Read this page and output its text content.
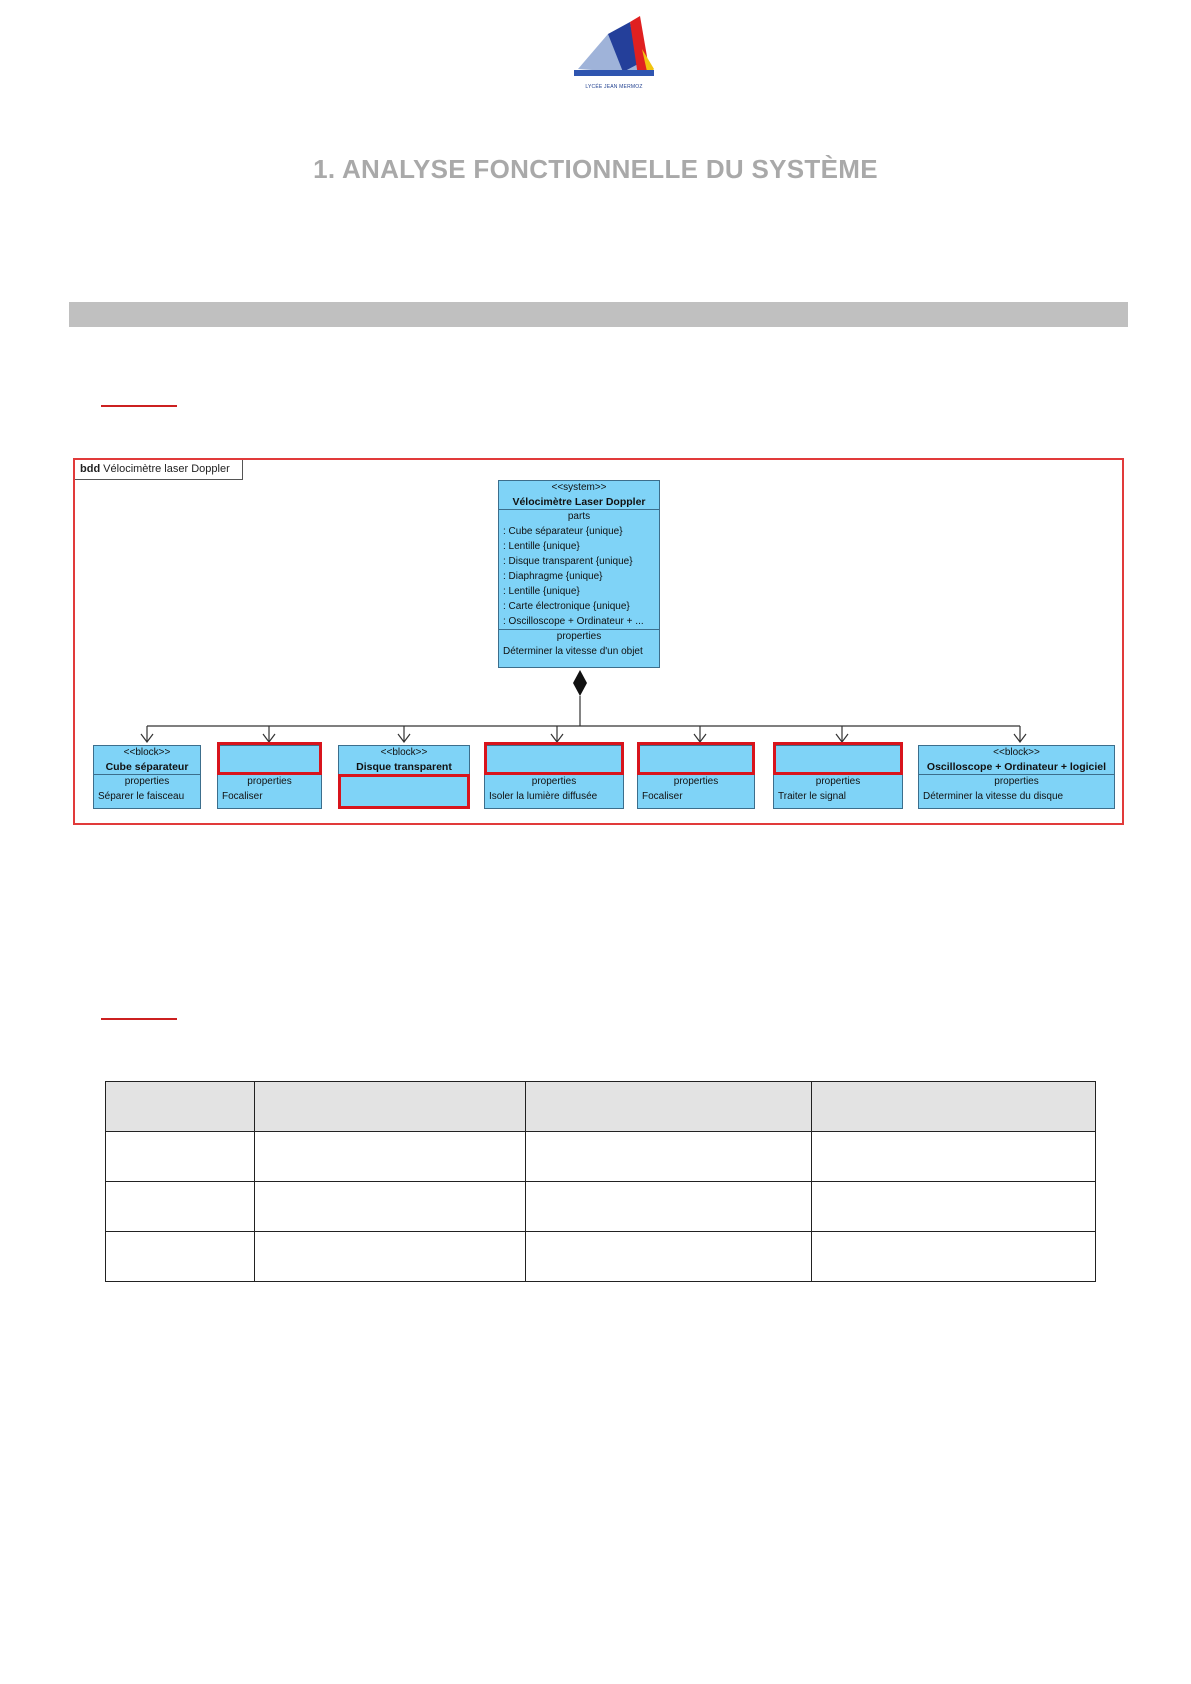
LYCÉE JEAN MERMOZ
1. ANALYSE FONCTIONNELLE DU SYSTÈME
bdd Vélocimètre laser Doppler
<<system>>
Vélocimètre Laser Doppler
parts
: Cube séparateur {unique}
: Lentille {unique}
: Disque transparent {unique}
: Diaphragme {unique}
: Lentille {unique}
: Carte électronique {unique}
: Oscilloscope + Ordinateur + ...
properties
Déterminer la vitesse d'un objet
<<block>>
Cube séparateur
properties
Séparer le faisceau
properties
Focaliser
<<block>>
Disque transparent
properties
Isoler la lumière diffusée
properties
Focaliser
properties
Traiter le signal
<<block>>
Oscilloscope + Ordinateur + logiciel
properties
Déterminer la vitesse du disque
